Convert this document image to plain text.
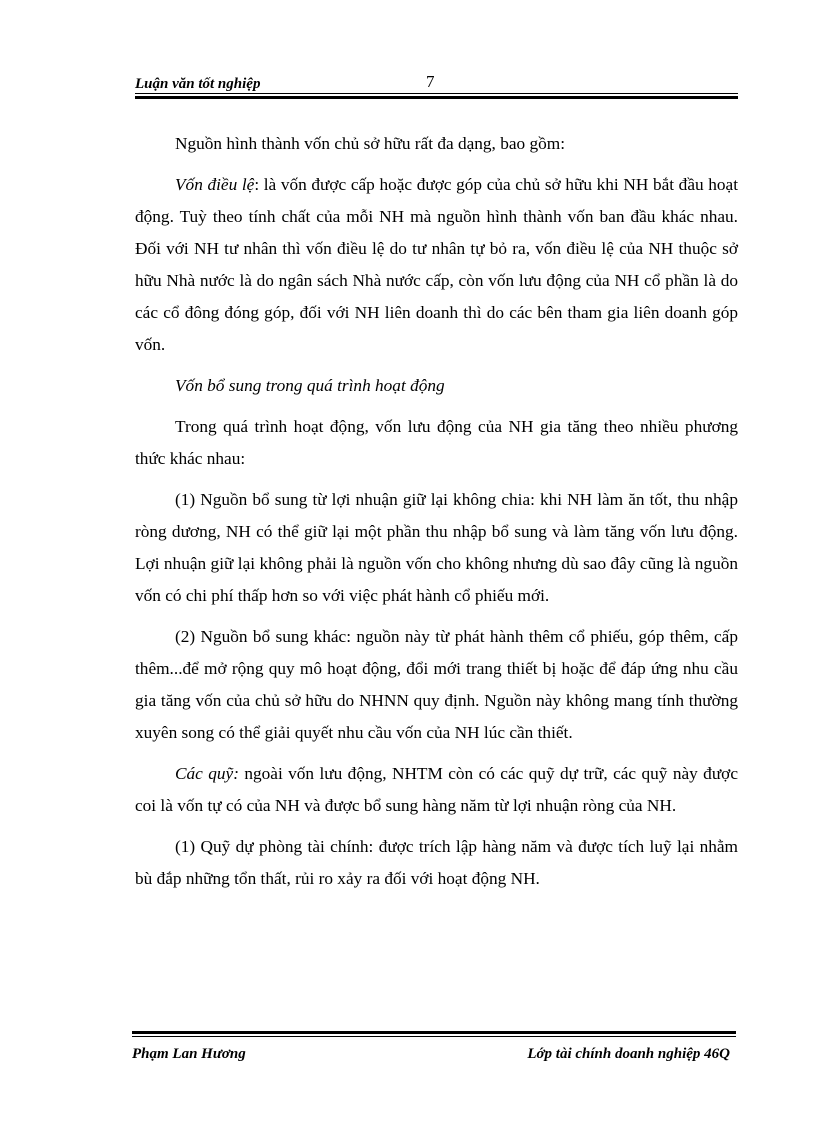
Luận văn tốt nghiệp	7

Nguồn hình thành vốn chủ sở hữu rất đa dạng, bao gồm:

Vốn điều lệ: là vốn được cấp hoặc được góp của chủ sở hữu khi NH bắt đầu hoạt động. Tuỳ theo tính chất của mỗi NH mà nguồn hình thành vốn ban đầu khác nhau. Đối với NH tư nhân thì vốn điều lệ do tư nhân tự bỏ ra, vốn điều lệ của NH thuộc sở hữu Nhà nước là do ngân sách Nhà nước cấp, còn vốn lưu động của NH cổ phần là do các cổ đông đóng góp, đối với NH liên doanh thì do các bên tham gia liên doanh góp vốn.

Vốn bổ sung trong quá trình hoạt động

Trong quá trình hoạt động, vốn lưu động của NH gia tăng theo nhiều phương thức khác nhau:

(1) Nguồn bổ sung từ lợi nhuận giữ lại không chia: khi NH làm ăn tốt, thu nhập ròng dương, NH có thể giữ lại một phần thu nhập bổ sung và làm tăng vốn lưu động. Lợi nhuận giữ lại không phải là nguồn vốn cho không nhưng dù sao đây cũng là nguồn vốn có chi phí thấp hơn so với việc phát hành cổ phiếu mới.

(2) Nguồn bổ sung khác: nguồn này từ phát hành thêm cổ phiếu, góp thêm, cấp thêm...để mở rộng quy mô hoạt động, đổi mới trang thiết bị hoặc để đáp ứng nhu cầu gia tăng vốn của chủ sở hữu do NHNN quy định. Nguồn này không mang tính thường xuyên song có thể giải quyết nhu cầu vốn của NH lúc cần thiết.

Các quỹ: ngoài vốn lưu động, NHTM còn có các quỹ dự trữ, các quỹ này được coi là vốn tự có của NH và được bổ sung hàng năm từ lợi nhuận ròng của NH.

(1) Quỹ dự phòng tài chính: được trích lập hàng năm và được tích luỹ lại nhằm bù đắp những tổn thất, rủi ro xảy ra đối với hoạt động NH.

Phạm Lan Hương	Lớp tài chính doanh nghiệp 46Q
